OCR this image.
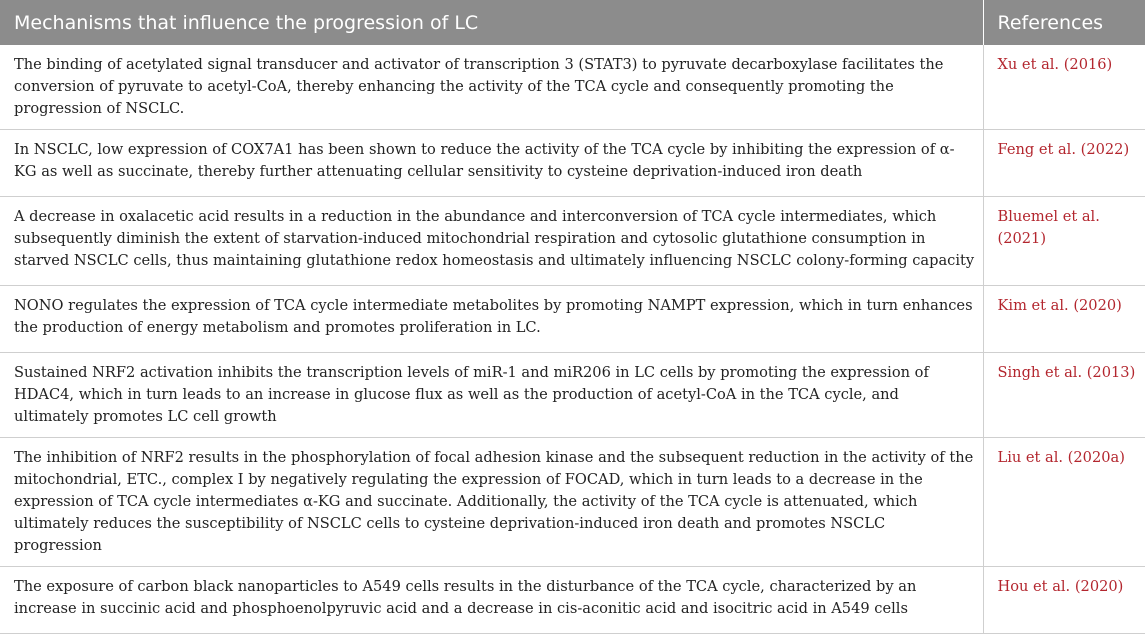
Mechanisms that influence the progression of LC	References
The binding of acetylated signal transducer and activator of transcription 3 (STAT3) to pyruvate decarboxylase facilitates the conversion of pyruvate to acetyl-CoA, thereby enhancing the activity of the TCA cycle and consequently promoting the progression of NSCLC.	Xu et al. (2016)
In NSCLC, low expression of COX7A1 has been shown to reduce the activity of the TCA cycle by inhibiting the expression of α-KG as well as succinate, thereby further attenuating cellular sensitivity to cysteine deprivation-induced iron death	Feng et al. (2022)
A decrease in oxalacetic acid results in a reduction in the abundance and interconversion of TCA cycle intermediates, which subsequently diminish the extent of starvation-induced mitochondrial respiration and cytosolic glutathione consumption in starved NSCLC cells, thus maintaining glutathione redox homeostasis and ultimately influencing NSCLC colony-forming capacity	Bluemel et al. (2021)
NONO regulates the expression of TCA cycle intermediate metabolites by promoting NAMPT expression, which in turn enhances the production of energy metabolism and promotes proliferation in LC.	Kim et al. (2020)
Sustained NRF2 activation inhibits the transcription levels of miR-1 and miR206 in LC cells by promoting the expression of HDAC4, which in turn leads to an increase in glucose flux as well as the production of acetyl-CoA in the TCA cycle, and ultimately promotes LC cell growth	Singh et al. (2013)
The inhibition of NRF2 results in the phosphorylation of focal adhesion kinase and the subsequent reduction in the activity of the mitochondrial, ETC., complex I by negatively regulating the expression of FOCAD, which in turn leads to a decrease in the expression of TCA cycle intermediates α-KG and succinate. Additionally, the activity of the TCA cycle is attenuated, which ultimately reduces the susceptibility of NSCLC cells to cysteine deprivation-induced iron death and promotes NSCLC progression	Liu et al. (2020a)
The exposure of carbon black nanoparticles to A549 cells results in the disturbance of the TCA cycle, characterized by an increase in succinic acid and phosphoenolpyruvic acid and a decrease in cis-aconitic acid and isocitric acid in A549 cells	Hou et al. (2020)
